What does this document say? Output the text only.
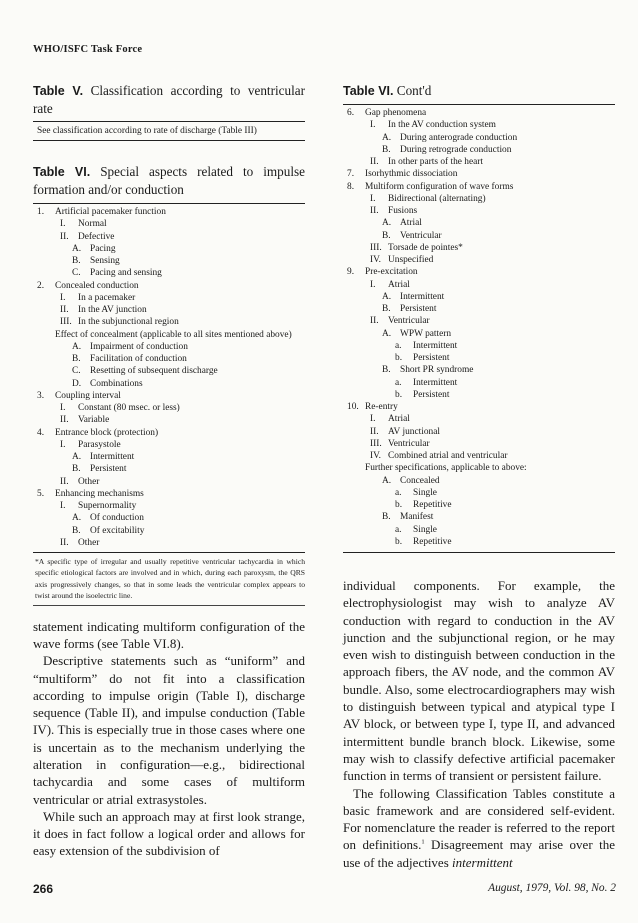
WHO/ISFC Task Force

Table V. Classification according to ventricular rate

See classification according to rate of discharge (Table III)

Table VI. Special aspects related to impulse formation and/or conduction

1. Artificial pacemaker function
I. Normal
II. Defective
A. Pacing
B. Sensing
C. Pacing and sensing
2. Concealed conduction
I. In a pacemaker
II. In the AV junction
III. In the subjunctional region
Effect of concealment (applicable to all sites mentioned above)
A. Impairment of conduction
B. Facilitation of conduction
C. Resetting of subsequent discharge
D. Combinations
3. Coupling interval
I. Constant (80 msec. or less)
II. Variable
4. Entrance block (protection)
I. Parasystole
A. Intermittent
B. Persistent
II. Other
5. Enhancing mechanisms
I. Supernormality
A. Of conduction
B. Of excitability
II. Other

*A specific type of irregular and usually repetitive ventricular tachycardia in which specific etiological factors are involved and in which, during each paroxysm, the QRS axis progressively changes, so that in some leads the ventricular complex appears to twist around the isoelectric line.

statement indicating multiform configuration of the wave forms (see Table VI.8).

Descriptive statements such as “uniform” and “multiform” do not fit into a classification according to impulse origin (Table I), discharge sequence (Table II), and impulse conduction (Table IV). This is especially true in those cases where one is uncertain as to the mechanism underlying the alteration in configuration—e.g., bidirectional tachycardia and some cases of multiform ventricular or atrial extrasystoles.

While such an approach may at first look strange, it does in fact follow a logical order and allows for easy extension of the subdivision of

Table VI. Cont'd

6. Gap phenomena
I. In the AV conduction system
A. During anterograde conduction
B. During retrograde conduction
II. In other parts of the heart
7. Isorhythmic dissociation
8. Multiform configuration of wave forms
I. Bidirectional (alternating)
II. Fusions
A. Atrial
B. Ventricular
III. Torsade de pointes*
IV. Unspecified
9. Pre-excitation
I. Atrial
A. Intermittent
B. Persistent
II. Ventricular
A. WPW pattern
a. Intermittent
b. Persistent
B. Short PR syndrome
a. Intermittent
b. Persistent
10. Re-entry
I. Atrial
II. AV junctional
III. Ventricular
IV. Combined atrial and ventricular
Further specifications, applicable to above:
A. Concealed
a. Single
b. Repetitive
B. Manifest
a. Single
b. Repetitive

individual components. For example, the electrophysiologist may wish to analyze AV conduction with regard to conduction in the AV junction and the subjunctional region, or he may even wish to distinguish between conduction in the approach fibers, the AV node, and the common AV bundle. Also, some electrocardiographers may wish to distinguish between typical and atypical type I AV block, or between type I, type II, and advanced intermittent bundle branch block. Likewise, some may wish to classify defective artificial pacemaker function in terms of transient or persistent failure.

The following Classification Tables constitute a basic framework and are considered self-evident. For nomenclature the reader is referred to the report on definitions.$^1$ Disagreement may arise over the use of the adjectives intermittent

266	August, 1979, Vol. 98, No. 2
